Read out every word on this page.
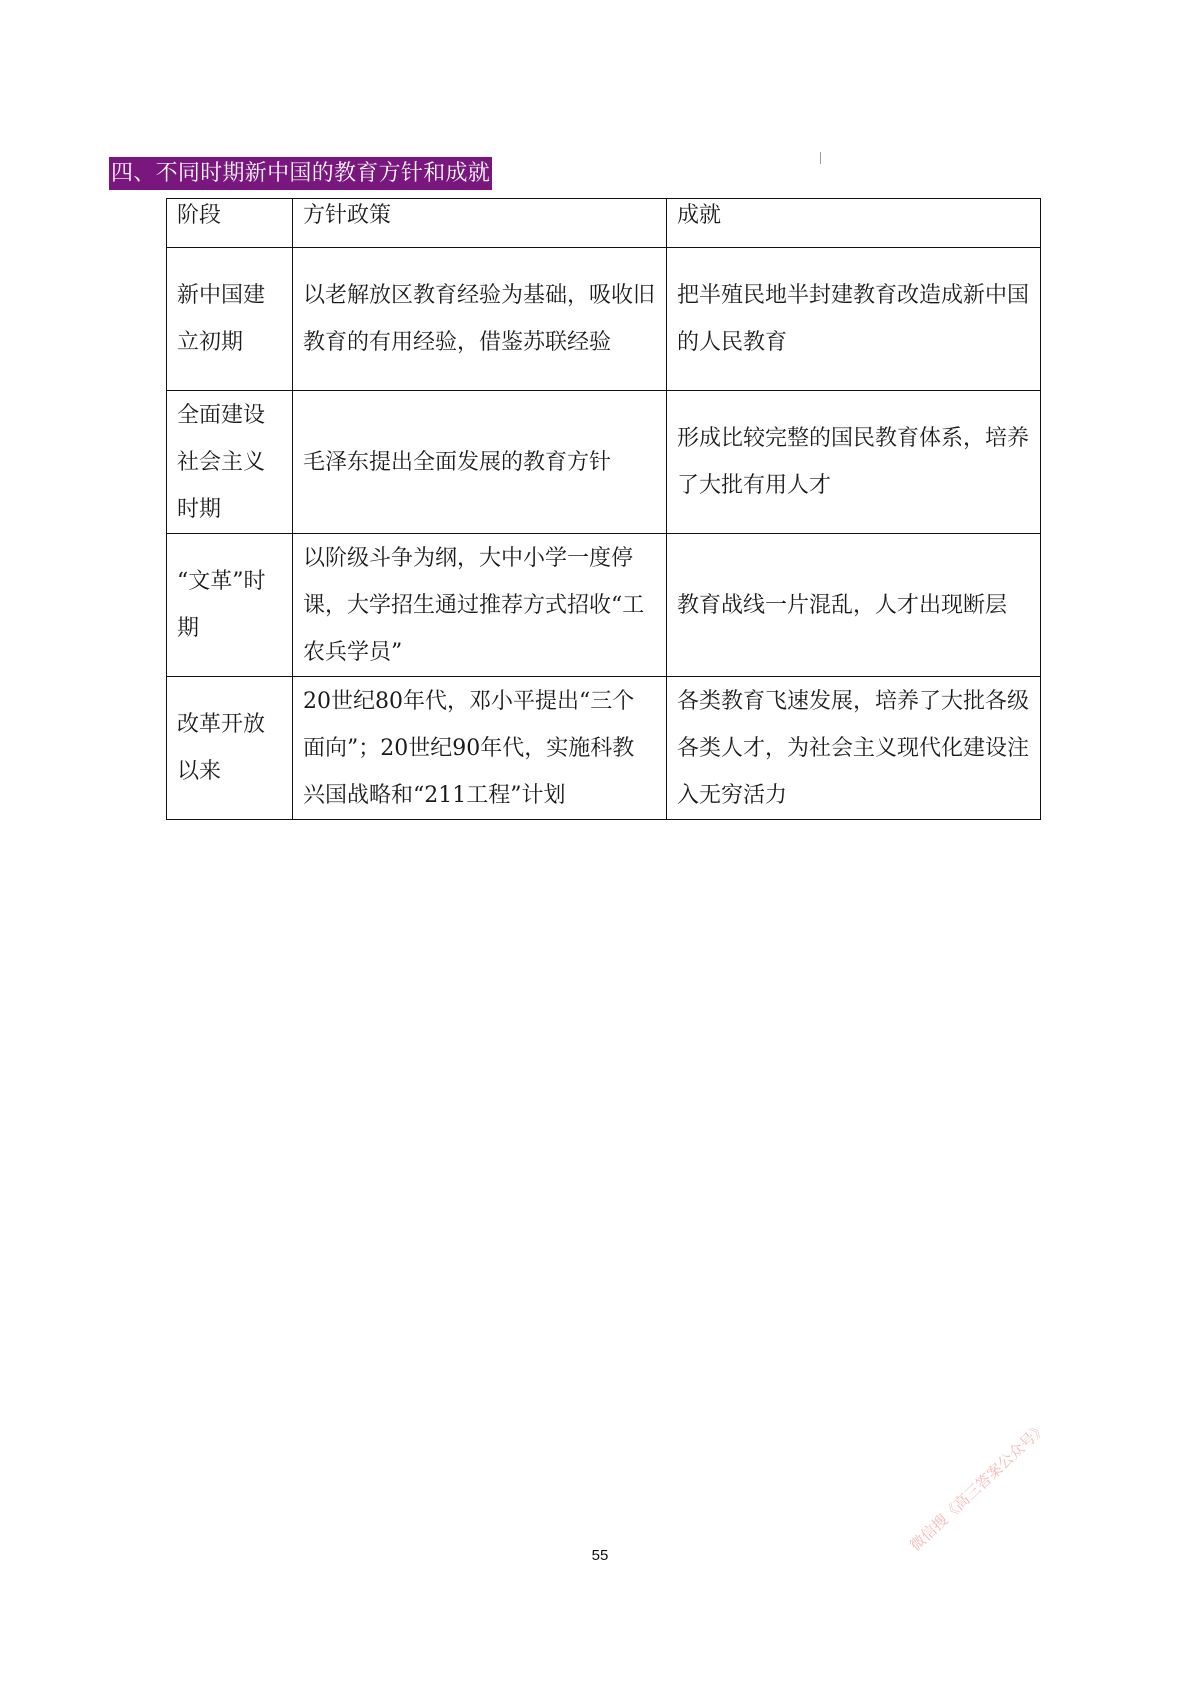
四、不同时期新中国的教育方针和成就
阶段	方针政策	成就
新中国建立初期	以老解放区教育经验为基础，吸收旧教育的有用经验，借鉴苏联经验	把半殖民地半封建教育改造成新中国的人民教育
全面建设社会主义时期	毛泽东提出全面发展的教育方针	形成比较完整的国民教育体系，培养了大批有用人才
“文革”时期	以阶级斗争为纲，大中小学一度停课，大学招生通过推荐方式招收“工农兵学员”	教育战线一片混乱，人才出现断层
改革开放以来	20世纪80年代，邓小平提出“三个面向”；20世纪90年代，实施科教兴国战略和“211工程”计划	各类教育飞速发展，培养了大批各级各类人才，为社会主义现代化建设注入无穷活力
55
微信搜《高三答案公众号》
